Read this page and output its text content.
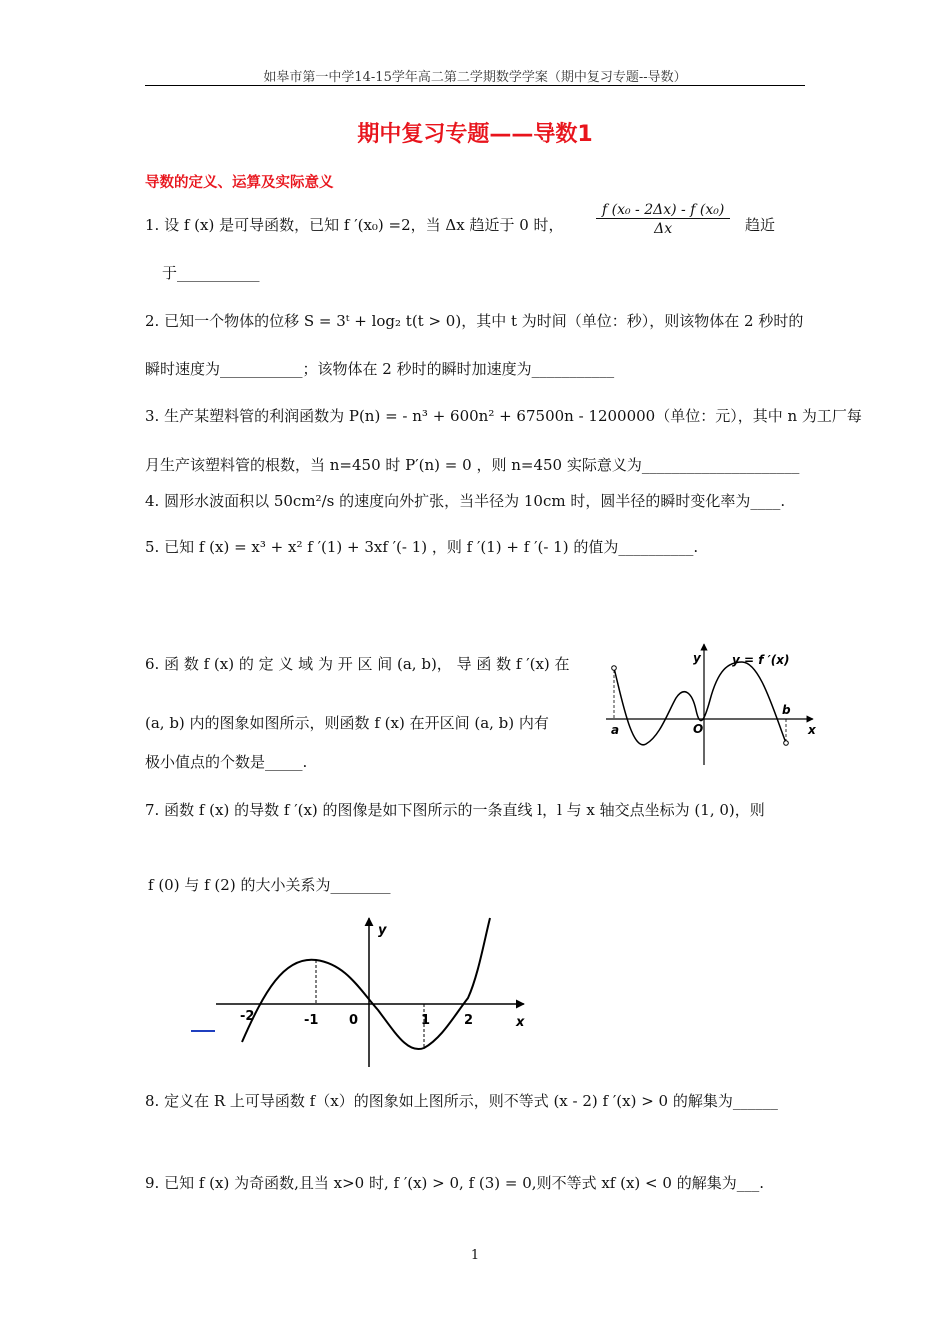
如皋市第一中学14-15学年高二第二学期数学学案（期中复习专题--导数）
期中复习专题——导数1
导数的定义、运算及实际意义
1. 设 f (x) 是可导函数，已知 f ′(x₀) =2，当 Δx 趋近于 0 时， $\frac{\text{f (x₀ - 2Δx) - f (x₀)}}{\Delta x}$ 趋近
于___________
2. 已知一个物体的位移 S = 3ᵗ + log₂ t(t > 0)，其中 t 为时间（单位：秒），则该物体在 2 秒时的
瞬时速度为___________；该物体在 2 秒时的瞬时加速度为___________
3. 生产某塑料管的利润函数为 P(n) = - n³ + 600n² + 67500n - 1200000（单位：元），其中 n 为工厂每
月生产该塑料管的根数，当 n=450 时 P′(n) = 0 ，则 n=450 实际意义为_____________________
4. 圆形水波面积以 50cm²/s 的速度向外扩张，当半径为 10cm 时，圆半径的瞬时变化率为____.
5. 已知 f (x) = x³ + x² f ′(1) + 3xf ′(- 1) ，则 f ′(1) + f ′(- 1) 的值为__________.
6. 函 数 f (x) 的 定 义 域 为 开 区 间 (a, b)， 导 函 数 f ′(x) 在
(a, b) 内的图象如图所示，则函数 f (x) 在开区间 (a, b) 内有
极小值点的个数是_____.
y	y = f ′(x)
x
a	O
b
7. 函数 f (x) 的导数 f ′(x) 的图像是如下图所示的一条直线 l，l 与 x 轴交点坐标为 (1, 0)，则
f (0) 与 f (2) 的大小关系为________
y
x
-2	-1 0	1	2
8. 定义在 R 上可导函数 f（x）的图象如上图所示，则不等式 (x - 2) f ′(x) > 0 的解集为______
9. 已知 f (x) 为奇函数,且当 x>0 时, f ′(x) > 0, f (3) = 0,则不等式 xf (x) < 0 的解集为___.
1
